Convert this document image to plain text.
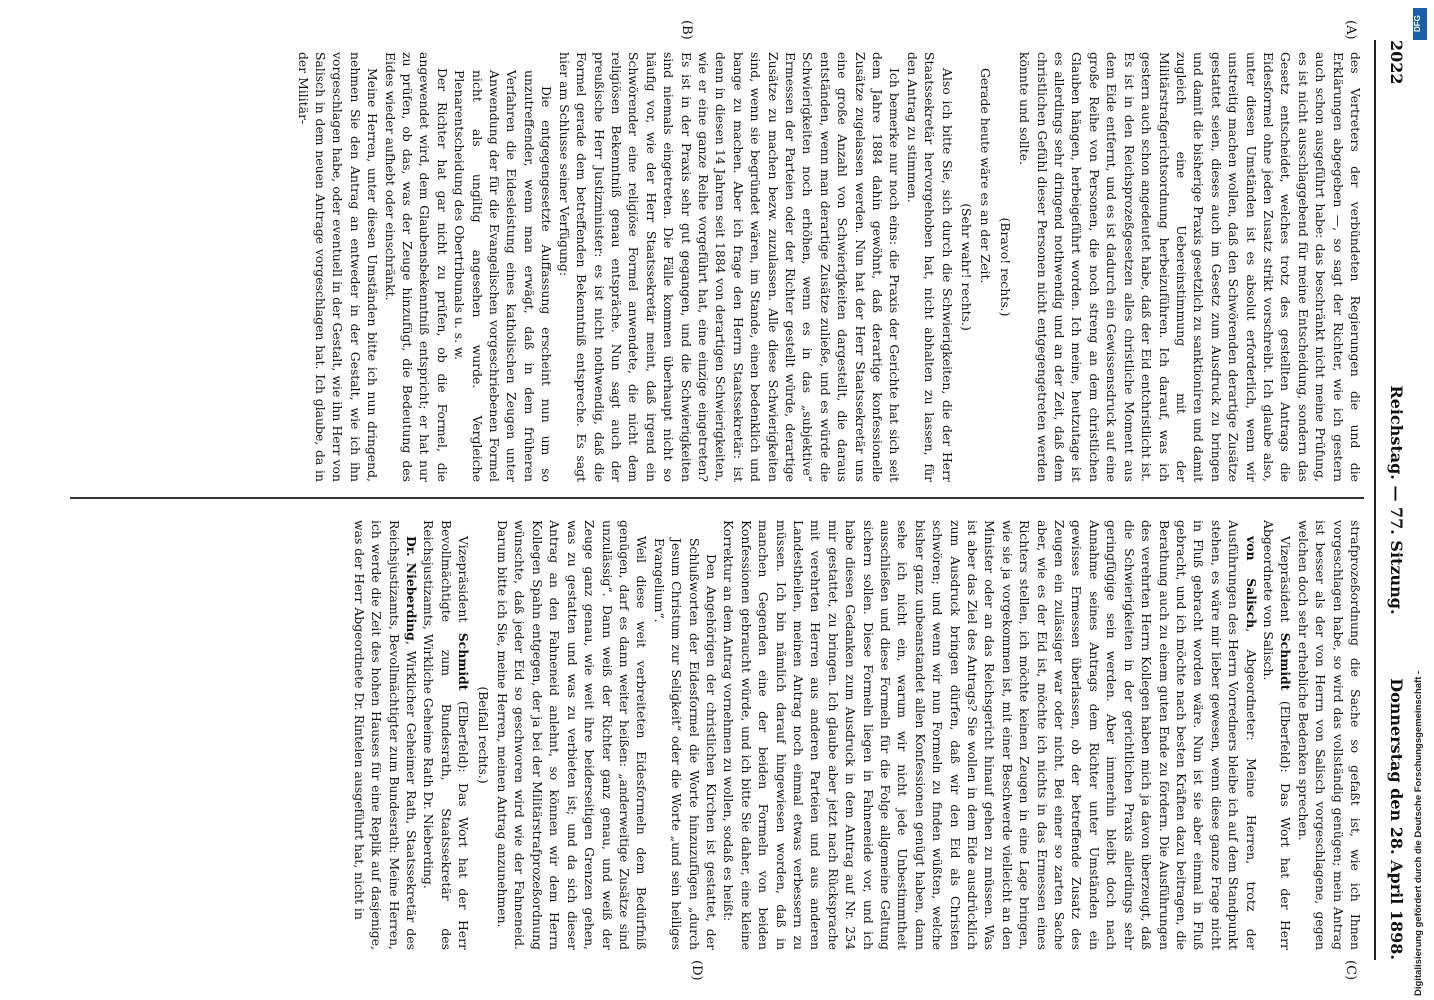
2022
Reichstag. — 77. Sitzung.
Donnerstag den 28. April 1898.
(A)
(B)
(C)
(D)

des Vertreters der verbündeten Regierungen die und die Erklärungen abgegeben —, so sagt der Richter, wie ich gestern auch schon ausgeführt habe: das beschränkt nicht meine Prüfung, es ist nicht ausschlaggebend für meine Entscheidung, sondern das Gesetz entscheidet, welches trotz des gestellten Antrags die Eidesformel ohne jeden Zusatz strikt vorschreibt. Ich glaube also, unter diesen Umständen ist es absolut erforderlich, wenn wir unstreitig machen wollen, daß den Schwörenden derartige Zusätze gestattet seien, dieses auch im Gesetz zum Ausdruck zu bringen und damit die bisherige Praxis gesetzlich zu sanktioniren und damit zugleich eine Uebereinstimmung mit der Militärstrafgerichtsordnung herbeizuführen. Ich darauf, was ich gestern auch schon angedeutet habe, daß der Eid entchristlicht ist. Es ist in den Reichsprozeßgesetzen alles christliche Moment aus dem Eide entfernt, und es ist dadurch ein Gewissensdruck auf eine große Reihe von Personen, die noch streng an dem christlichen Glauben hängen, herbeigeführt worden. Ich meine, heutzutage ist es allerdings sehr dringend nothwendig und an der Zeit, daß dem christlichen Gefühl dieser Personen nicht entgegengetreten werden könnte und sollte.

(Bravo! rechts.)

Gerade heute wäre es an der Zeit.

(Sehr wahr! rechts.)

Also ich bitte Sie, sich durch die Schwierigkeiten, die der Herr Staatssekretär hervorgehoben hat, nicht abhalten zu lassen, für den Antrag zu stimmen.

Ich bemerke nur noch eins: die Praxis der Gerichte hat sich seit dem Jahre 1884 dahin gewöhnt, daß derartige konfessionelle Zusätze zugelassen werden. Nun hat der Herr Staatssekretär uns eine große Anzahl von Schwierigkeiten dargestellt, die daraus entständen, wenn man derartige Zusätze zuließe, und es würde die Schwierigkeiten noch erhöhen, wenn es in das „subjektive“ Ermessen der Parteien oder der Richter gestellt würde, derartige Zusätze zu machen bezw. zuzulassen. Alle diese Schwierigkeiten sind, wenn sie begründet wären, im Stande, einen bedenklich und bange zu machen. Aber ich frage den Herrn Staatssekretär: ist denn in diesen 14 Jahren seit 1884 von derartigen Schwierigkeiten, wie er eine ganze Reihe vorgeführt hat, eine einzige eingetreten? Es ist in der Praxis sehr gut gegangen, und die Schwierigkeiten sind niemals eingetreten. Die Fälle kommen überhaupt nicht so häufig vor, wie der Herr Staatssekretär meint, daß irgend ein Schwörender eine religiöse Formel anwendete, die nicht dem religiösen Bekenntniß genau entspräche. Nun sagt auch der preußische Herr Justizminister: es ist nicht nothwendig, daß die Formel gerade dem betreffenden Bekenntniß entspreche. Es sagt hier am Schlusse seiner Verfügung:

Die entgegengesetzte Auffassung erscheint nun um so unzutreffender, wenn man erwägt, daß in dem früheren Verfahren die Eidesleistung eines katholischen Zeugen unter Anwendung der für die Evangelischen vorgeschriebenen Formel nicht als ungiltig angesehen wurde. Vergleiche Plenarentscheidung des Obertribunals u. s. w.

Der Richter hat gar nicht zu prüfen, ob die Formel, die angewendet wird, dem Glaubensbekenntniß entspricht; er hat nur zu prüfen, ob das, was der Zeuge hinzufügt, die Bedeutung des Eides wieder aufhebt oder einschränkt.

Meine Herren, unter diesen Umständen bitte ich nun dringend, nehmen Sie den Antrag an entweder in der Gestalt, wie ich ihn vorgeschlagen habe, oder eventuell in der Gestalt, wie ihn Herr von Salisch in dem neuen Antrage vorgeschlagen hat. Ich glaube, da in der Militär-

strafprozeßordnung die Sache so gefaßt ist, wie ich Ihnen vorgeschlagen habe, so wird das vollständig genügen; mein Antrag ist besser als der von Herrn von Salisch vorgeschlagene, gegen welchen doch sehr erhebliche Bedenken sprechen.

Vizepräsident Schmidt (Elberfeld): Das Wort hat der Herr Abgeordnete von Salisch.

von Salisch, Abgeordneter: Meine Herren, trotz der Ausführungen des Herrn Vorredners bleibe ich auf dem Standpunkt stehen, es wäre mir lieber gewesen, wenn diese ganze Frage nicht in Fluß gebracht worden wäre. Nun ist sie aber einmal in Fluß gebracht, und ich möchte nach besten Kräften dazu beitragen, die Berathung auch zu einem guten Ende zu fördern. Die Ausführungen des verehrten Herrn Kollegen haben mich ja davon überzeugt, daß die Schwierigkeiten in der gerichtlichen Praxis allerdings sehr geringfügige sein werden. Aber immerhin bleibt doch nach Annahme seines Antrags dem Richter unter Umständen ein gewisses Ermessen überlassen, ob der betreffende Zusatz des Zeugen ein zulässiger war oder nicht. Bei einer so zarten Sache aber, wie es der Eid ist, möchte ich nichts in das Ermessen eines Richters stellen, ich möchte keinen Zeugen in eine Lage bringen, wie sie ja vorgekommen ist, mit einer Beschwerde vielleicht an den Minister oder an das Reichsgericht hinauf gehen zu müssen. Was ist aber das Ziel des Antrags? Sie wollen in dem Eide ausdrücklich zum Ausdruck bringen dürfen, daß wir den Eid als Christen schwören; und wenn wir nun Formeln zu finden wüßten, welche bisher ganz unbeanstandet allen Konfessionen genügt haben, dann sehe ich nicht ein, warum wir nicht jede Unbestimmtheit ausschließen und diese Formeln für die Folge allgemeine Geltung sichern sollen. Diese Formeln liegen in Fahneneide vor, und ich habe diesen Gedanken zum Ausdruck in dem Antrag auf Nr. 254 mir gestattet, zu bringen. Ich glaube aber jetzt nach Rücksprache mit verehrten Herren aus anderen Parteien und aus anderen Landestheilen, meinen Antrag noch einmal etwas verbessern zu müssen. Ich bin nämlich darauf hingewiesen worden, daß in manchen Gegenden eine der beiden Formeln von beiden Konfessionen gebraucht würde, und ich bitte Sie daher, eine kleine Korrektur an dem Antrag vornehmen zu wollen, sodaß es heißt:

Den Angehörigen der christlichen Kirchen ist gestattet, der Schlußworten der Eidesformel die Worte hinzuzufügen „durch Jesum Christum zur Seligkeit“ oder die Worte „und sein heiliges Evangelium“.

Weil diese weit verbreiteten Eidesformeln dem Bedürfniß genügen, darf es dann weiter heißen: „anderweitige Zusätze sind unzulässig“. Dann weiß der Richter ganz genau, und weiß der Zeuge ganz genau, wie weit ihre beiderseitigen Grenzen gehen, was zu gestatten und was zu verbieten ist; und da sich dieser Antrag an den Fahneneid anlehnt, so können wir dem Herrn Kollegen Spahn entgegen, der ja bei der Militärstrafprozeßordnung wünschte, daß jeder Eid so geschworen wird wie der Fahneneid. Darum bitte ich Sie, meine Herren, meinen Antrag anzunehmen.

(Beifall rechts.)

Vizepräsident Schmidt (Elberfeld): Das Wort hat der Herr Bevollmächtigte zum Bundesrath, Staatssekretär des Reichsjustizamts, Wirkliche Geheime Rath Dr. Nieberding.

Dr. Nieberding, Wirklicher Geheimer Rath, Staatssekretär des Reichsjustizamts, Bevollmächtigter zum Bundesrath: Meine Herren, ich werde die Zeit des hohen Hauses für eine Replik auf dasjenige, was der Herr Abgeordnete Dr. Rintelen ausgeführt hat, nicht in

DFG
Digitalisierung gefördert durch die Deutsche Forschungsgemeinschaft -
